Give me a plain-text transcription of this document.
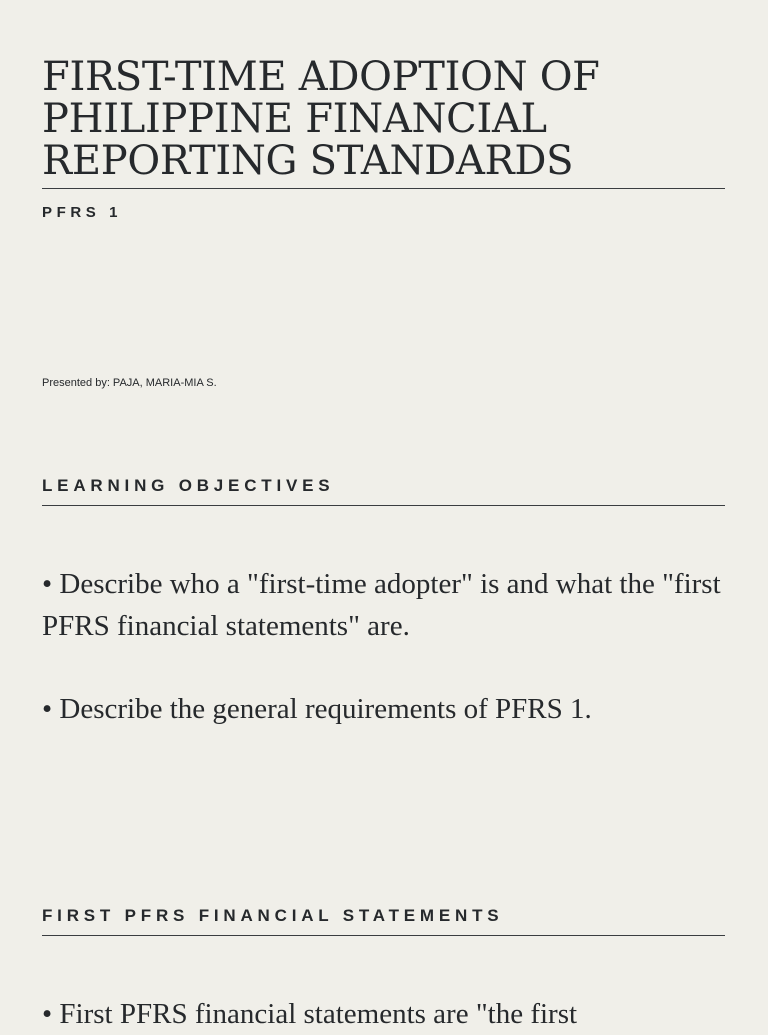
FIRST-TIME ADOPTION OF
PHILIPPINE FINANCIAL
REPORTING STANDARDS
PFRS 1
Presented by: PAJA, MARIA-MIA S.
LEARNING OBJECTIVES

• Describe who a "first-time adopter" is and what the "first PFRS financial statements" are.

• Describe the general requirements of PFRS 1.

FIRST PFRS FINANCIAL STATEMENTS

• First PFRS financial statements are "the first
